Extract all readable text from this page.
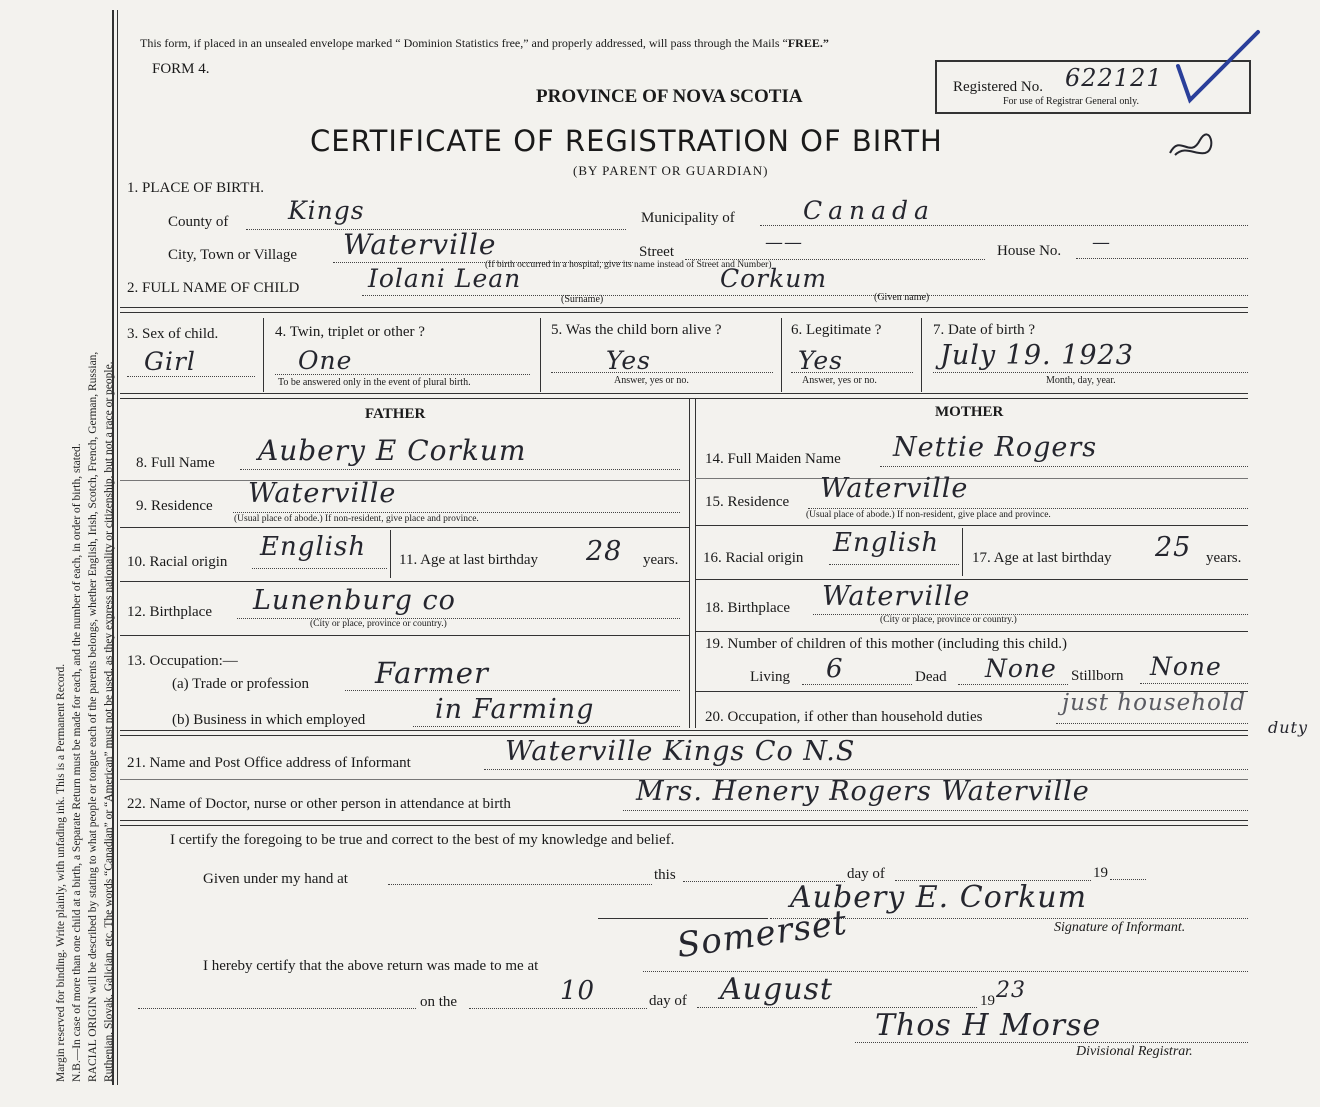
Margin reserved for binding. Write plainly, with unfading ink. This is a Permanent Record. N.B.—In case of more than one child at a birth, a Separate Return must be made for each, and the number of each, in order of birth, stated. RACIAL ORIGIN will be described by stating to what people or tongue each of the parents belongs, whether English, Irish, Scotch, French, German, Russian, Ruthenian, Slovak, Galician, etc. The words “Canadian” or “American” must not be used, as they express nationality or citizenship, but not a race or people.
This form, if placed in an unsealed envelope marked “ Dominion Statistics free,” and properly addressed, will pass through the Mails “FREE.”
FORM 4.
PROVINCE OF NOVA SCOTIA
CERTIFICATE OF REGISTRATION OF BIRTH
(BY PARENT OR GUARDIAN)
Registered No. 622121
For use of Registrar General only.
1. PLACE OF BIRTH.
County of Kings	Municipality of	Canada
City, Town or Village Waterville	Street	——	House No. —
(If birth occurred in a hospital, give its name instead of Street and Number)
2. FULL NAME OF CHILD	Iolani Lean	Corkum
(Surname)	(Given name)
3. Sex of child.
Girl
4. Twin, triplet or other ?
One
To be answered only in the event of plural birth.
5. Was the child born alive ?
Yes
Answer, yes or no.
6. Legitimate ?
Yes
Answer, yes or no.
7. Date of birth ?
July 19. 1923
Month, day, year.
FATHER	MOTHER
8. Full Name Aubery E Corkum	14. Full Maiden Name Nettie Rogers
9. Residence Waterville
(Usual place of abode.) If non-resident, give place and province.
15. Residence Waterville
(Usual place of abode.) If non-resident, give place and province.
10. Racial origin English 11. Age at last birthday 28 years. 16. Racial origin English 17. Age at last birthday 25 years.
12. Birthplace Lunenburg co
(City or place, province or country.)
18. Birthplace Waterville
(City or place, province or country.)
13. Occupation:—
(a) Trade or profession Farmer
(b) Business in which employed	in Farming
19. Number of children of this mother (including this child.)
Living 6	Dead None Stillborn None
20. Occupation, if other than household duties
just household
duty
21. Name and Post Office address of Informant	Waterville Kings Co N.S
22. Name of Doctor, nurse or other person in attendance at birth	Mrs. Henery Rogers Waterville
I certify the foregoing to be true and correct to the best of my knowledge and belief.
Given under my hand at	this	day of	19
Aubery E. Corkum
Signature of Informant.
I hereby certify that the above return was made to me at	Somerset
on the	10	day of August	19 23
Thos H Morse
Divisional Registrar.
